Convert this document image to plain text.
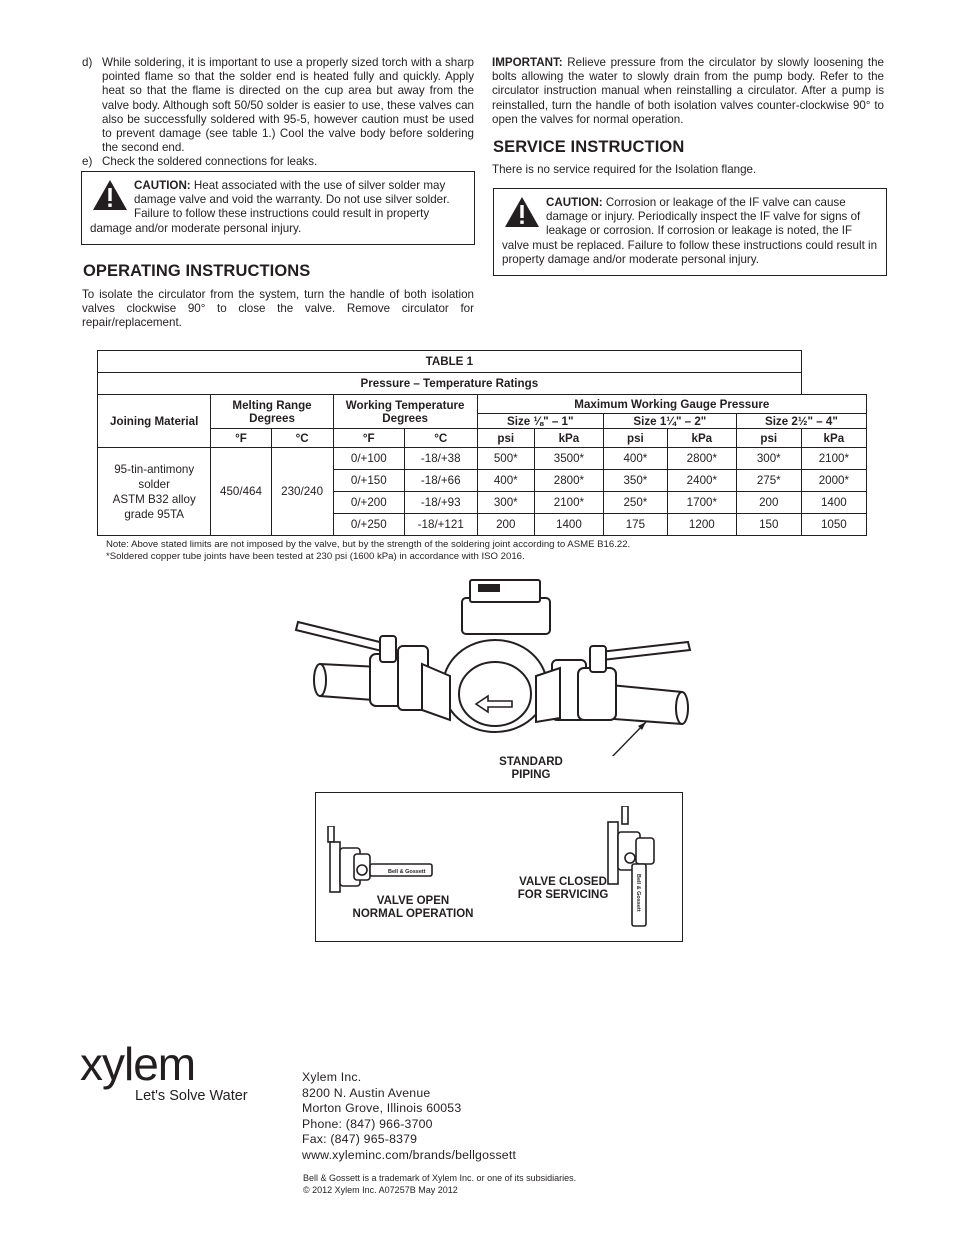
d) While soldering, it is important to use a properly sized torch with a sharp pointed flame so that the solder end is heated fully and quickly. Apply heat so that the flame is directed on the cup area but away from the valve body. Although soft 50/50 solder is easier to use, these valves can also be successfully soldered with 95-5, however caution must be used to prevent damage (see table 1.) Cool the valve body before soldering the second end.
e) Check the soldered connections for leaks.
CAUTION: Heat associated with the use of silver solder may damage valve and void the warranty. Do not use silver solder. Failure to follow these instructions could result in property damage and/or moderate personal injury.
OPERATING INSTRUCTIONS
To isolate the circulator from the system, turn the handle of both isolation valves clockwise 90° to close the valve. Remove circulator for repair/replacement.
IMPORTANT: Relieve pressure from the circulator by slowly loosening the bolts allowing the water to slowly drain from the pump body. Refer to the circulator instruction manual when reinstalling a circulator. After a pump is reinstalled, turn the handle of both isolation valves counter-clockwise 90° to open the valves for normal operation.
SERVICE INSTRUCTION
There is no service required for the Isolation flange.
CAUTION: Corrosion or leakage of the IF valve can cause damage or injury. Periodically inspect the IF valve for signs of leakage or corrosion. If corrosion or leakage is noted, the IF valve must be replaced. Failure to follow these instructions could result in property damage and/or moderate personal injury.
TABLE 1										
Pressure – Temperature Ratings										
Joining Material	Melting Range Degrees		Working Temperature Degrees		Maximum Working Gauge Pressure					
					Size ⅛" – 1"		Size 1¼" – 2"		Size 2½" – 4"	
	°F	°C	°F	°C	psi	kPa	psi	kPa	psi	kPa

95-tin-antimony
solder
ASTM B32 alloy
grade 95TA	450/464	230/240	0/+100	-18/+38	500*	3500*	400*	2800*	300*	2100*
			0/+150	-18/+66	400*	2800*	350*	2400*	275*	2000*
			0/+200	-18/+93	300*	2100*	250*	1700*	200	1400
			0/+250	-18/+121	200	1400	175	1200	150	1050
Note: Above stated limits are not imposed by the valve, but by the strength of the soldering joint according to ASME B16.22.
*Soldered copper tube joints have been tested at 230 psi (1600 kPa) in accordance with ISO 2016.
STANDARD
PIPING
Bell & Gossett
VALVE OPEN
NORMAL OPERATION
Bell & Gossett
VALVE CLOSED
FOR SERVICING
xylem
Let's Solve Water
Xylem Inc.
8200 N. Austin Avenue
Morton Grove, Illinois 60053
Phone: (847) 966-3700
Fax: (847) 965-8379
www.xyleminc.com/brands/bellgossett
Bell & Gossett is a trademark of Xylem Inc. or one of its subsidiaries.
© 2012 Xylem Inc. A07257B May 2012
